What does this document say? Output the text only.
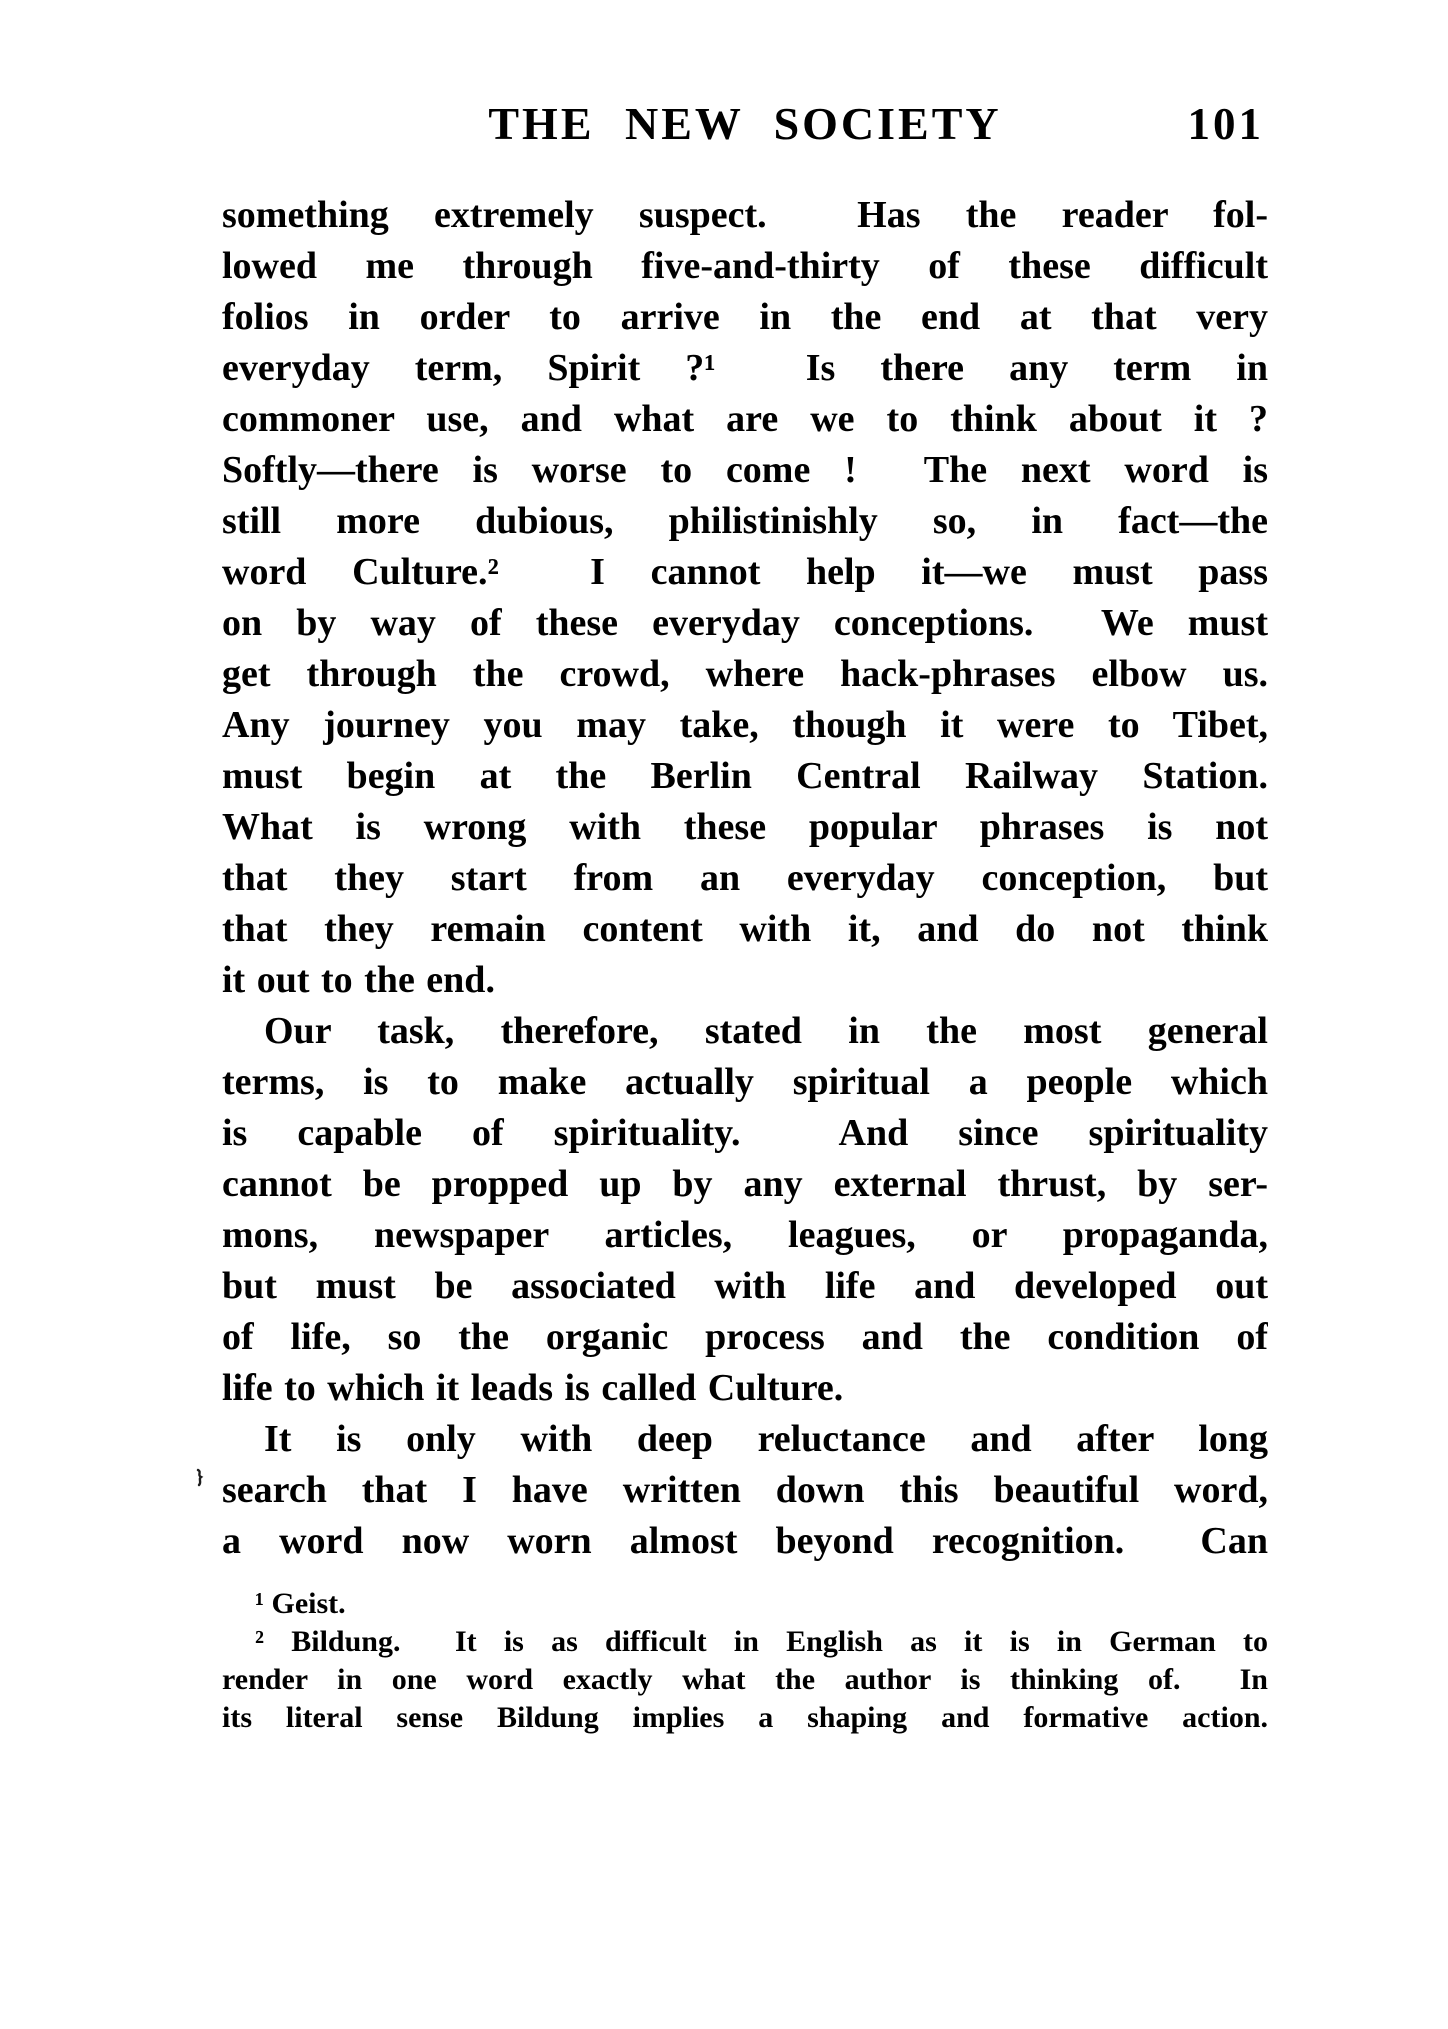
THE NEW SOCIETY	101
something extremely suspect.  Has the reader fol-
lowed me through five-and-thirty of these difficult
folios in order to arrive in the end at that very
everyday term, Spirit ?¹  Is there any term in
commoner use, and what are we to think about it ?
Softly—there is worse to come !  The next word is
still more dubious, philistinishly so, in fact—the
word Culture.²  I cannot help it—we must pass
on by way of these everyday conceptions.  We must
get through the crowd, where hack-phrases elbow us.
Any journey you may take, though it were to Tibet,
must begin at the Berlin Central Railway Station.
What is wrong with these popular phrases is not
that they start from an everyday conception, but
that they remain content with it, and do not think
it out to the end.
Our task, therefore, stated in the most general
terms, is to make actually spiritual a people which
is capable of spirituality.  And since spirituality
cannot be propped up by any external thrust, by ser-
mons, newspaper articles, leagues, or propaganda,
but must be associated with life and developed out
of life, so the organic process and the condition of
life to which it leads is called Culture.
It is only with deep reluctance and after long
search that I have written down this beautiful word,
a word now worn almost beyond recognition.  Can
¹ Geist.
² Bildung.  It is as difficult in English as it is in German to
render in one word exactly what the author is thinking of.  In
its literal sense Bildung implies a shaping and formative action.
